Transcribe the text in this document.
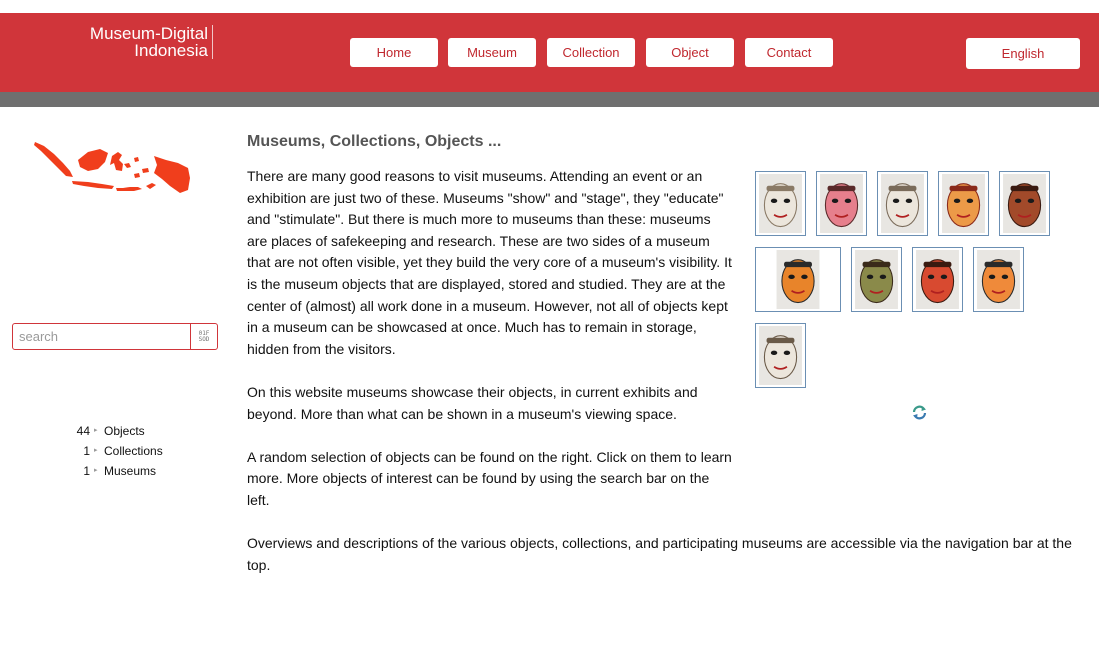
Museum-Digital
Indonesia	Home	Museum	Collection	Object	Contact	English
search
01F
SOD
44 ▸ Objects
1 ▸ Collections
1 ▸ Museums
Museums, Collections, Objects ...

There are many good reasons to visit museums. Attending an event or an exhibition are just two of these. Museums "show" and "stage", they "educate" and "stimulate". But there is much more to museums than these: museums are places of safekeeping and research. These are two sides of a museum that are not often visible, yet they build the very core of a museum's visibility. It is the museum objects that are displayed, stored and studied. They are at the center of (almost) all work done in a museum. However, not all of objects kept in a museum can be showcased at once. Much has to remain in storage, hidden from the visitors.

On this website museums showcase their objects, in current exhibits and beyond. More than what can be shown in a museum's viewing space.

A random selection of objects can be found on the right. Click on them to learn more. More objects of interest can be found by using the search bar on the left.

Overviews and descriptions of the various objects, collections, and participating museums are accessible via the navigation bar at the top.
